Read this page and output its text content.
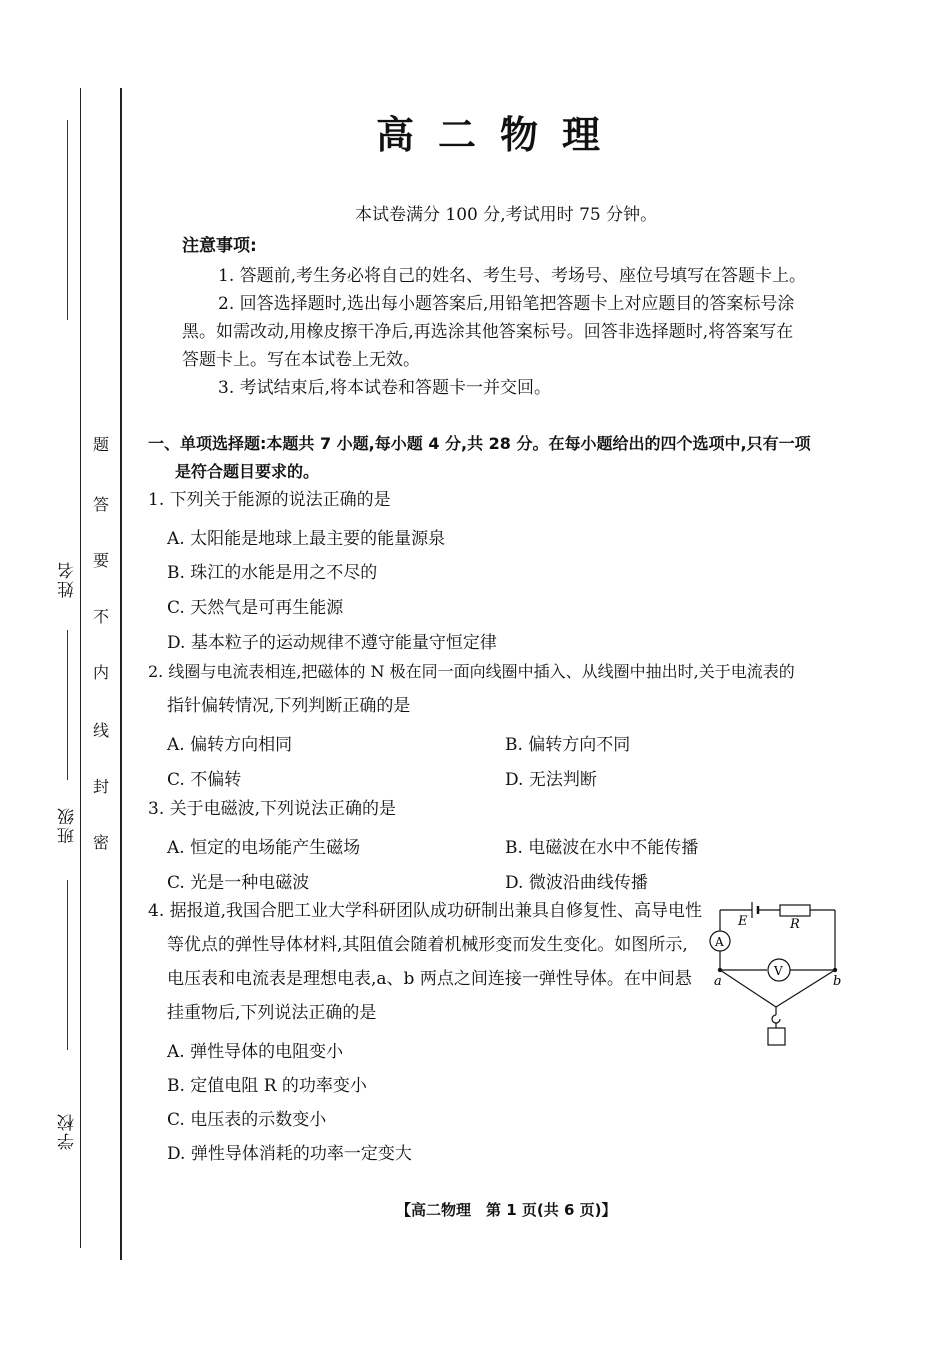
姓名
班级
学校
题
答
要
不
内
线
封
密
高二物理
本试卷满分 100 分,考试用时 75 分钟。
注意事项:
1. 答题前,考生务必将自己的姓名、考生号、考场号、座位号填写在答题卡上。
2. 回答选择题时,选出每小题答案后,用铅笔把答题卡上对应题目的答案标号涂
黑。如需改动,用橡皮擦干净后,再选涂其他答案标号。回答非选择题时,将答案写在
答题卡上。写在本试卷上无效。
3. 考试结束后,将本试卷和答题卡一并交回。
一、单项选择题:本题共 7 小题,每小题 4 分,共 28 分。在每小题给出的四个选项中,只有一项
是符合题目要求的。
1. 下列关于能源的说法正确的是
A. 太阳能是地球上最主要的能量源泉
B. 珠江的水能是用之不尽的
C. 天然气是可再生能源
D. 基本粒子的运动规律不遵守能量守恒定律
2. 线圈与电流表相连,把磁体的 N 极在同一面向线圈中插入、从线圈中抽出时,关于电流表的
指针偏转情况,下列判断正确的是
A. 偏转方向相同	B. 偏转方向不同
C. 不偏转	D. 无法判断
3. 关于电磁波,下列说法正确的是
A. 恒定的电场能产生磁场	B. 电磁波在水中不能传播
C. 光是一种电磁波	D. 微波沿曲线传播
4. 据报道,我国合肥工业大学科研团队成功研制出兼具自修复性、高导电性
等优点的弹性导体材料,其阻值会随着机械形变而发生变化。如图所示,
电压表和电流表是理想电表,a、b 两点之间连接一弹性导体。在中间悬
挂重物后,下列说法正确的是
A. 弹性导体的电阻变小
B. 定值电阻 R 的功率变小
C. 电压表的示数变小
D. 弹性导体消耗的功率一定变大
E	R
A
V
a	b
【高二物理　第 1 页(共 6 页)】
